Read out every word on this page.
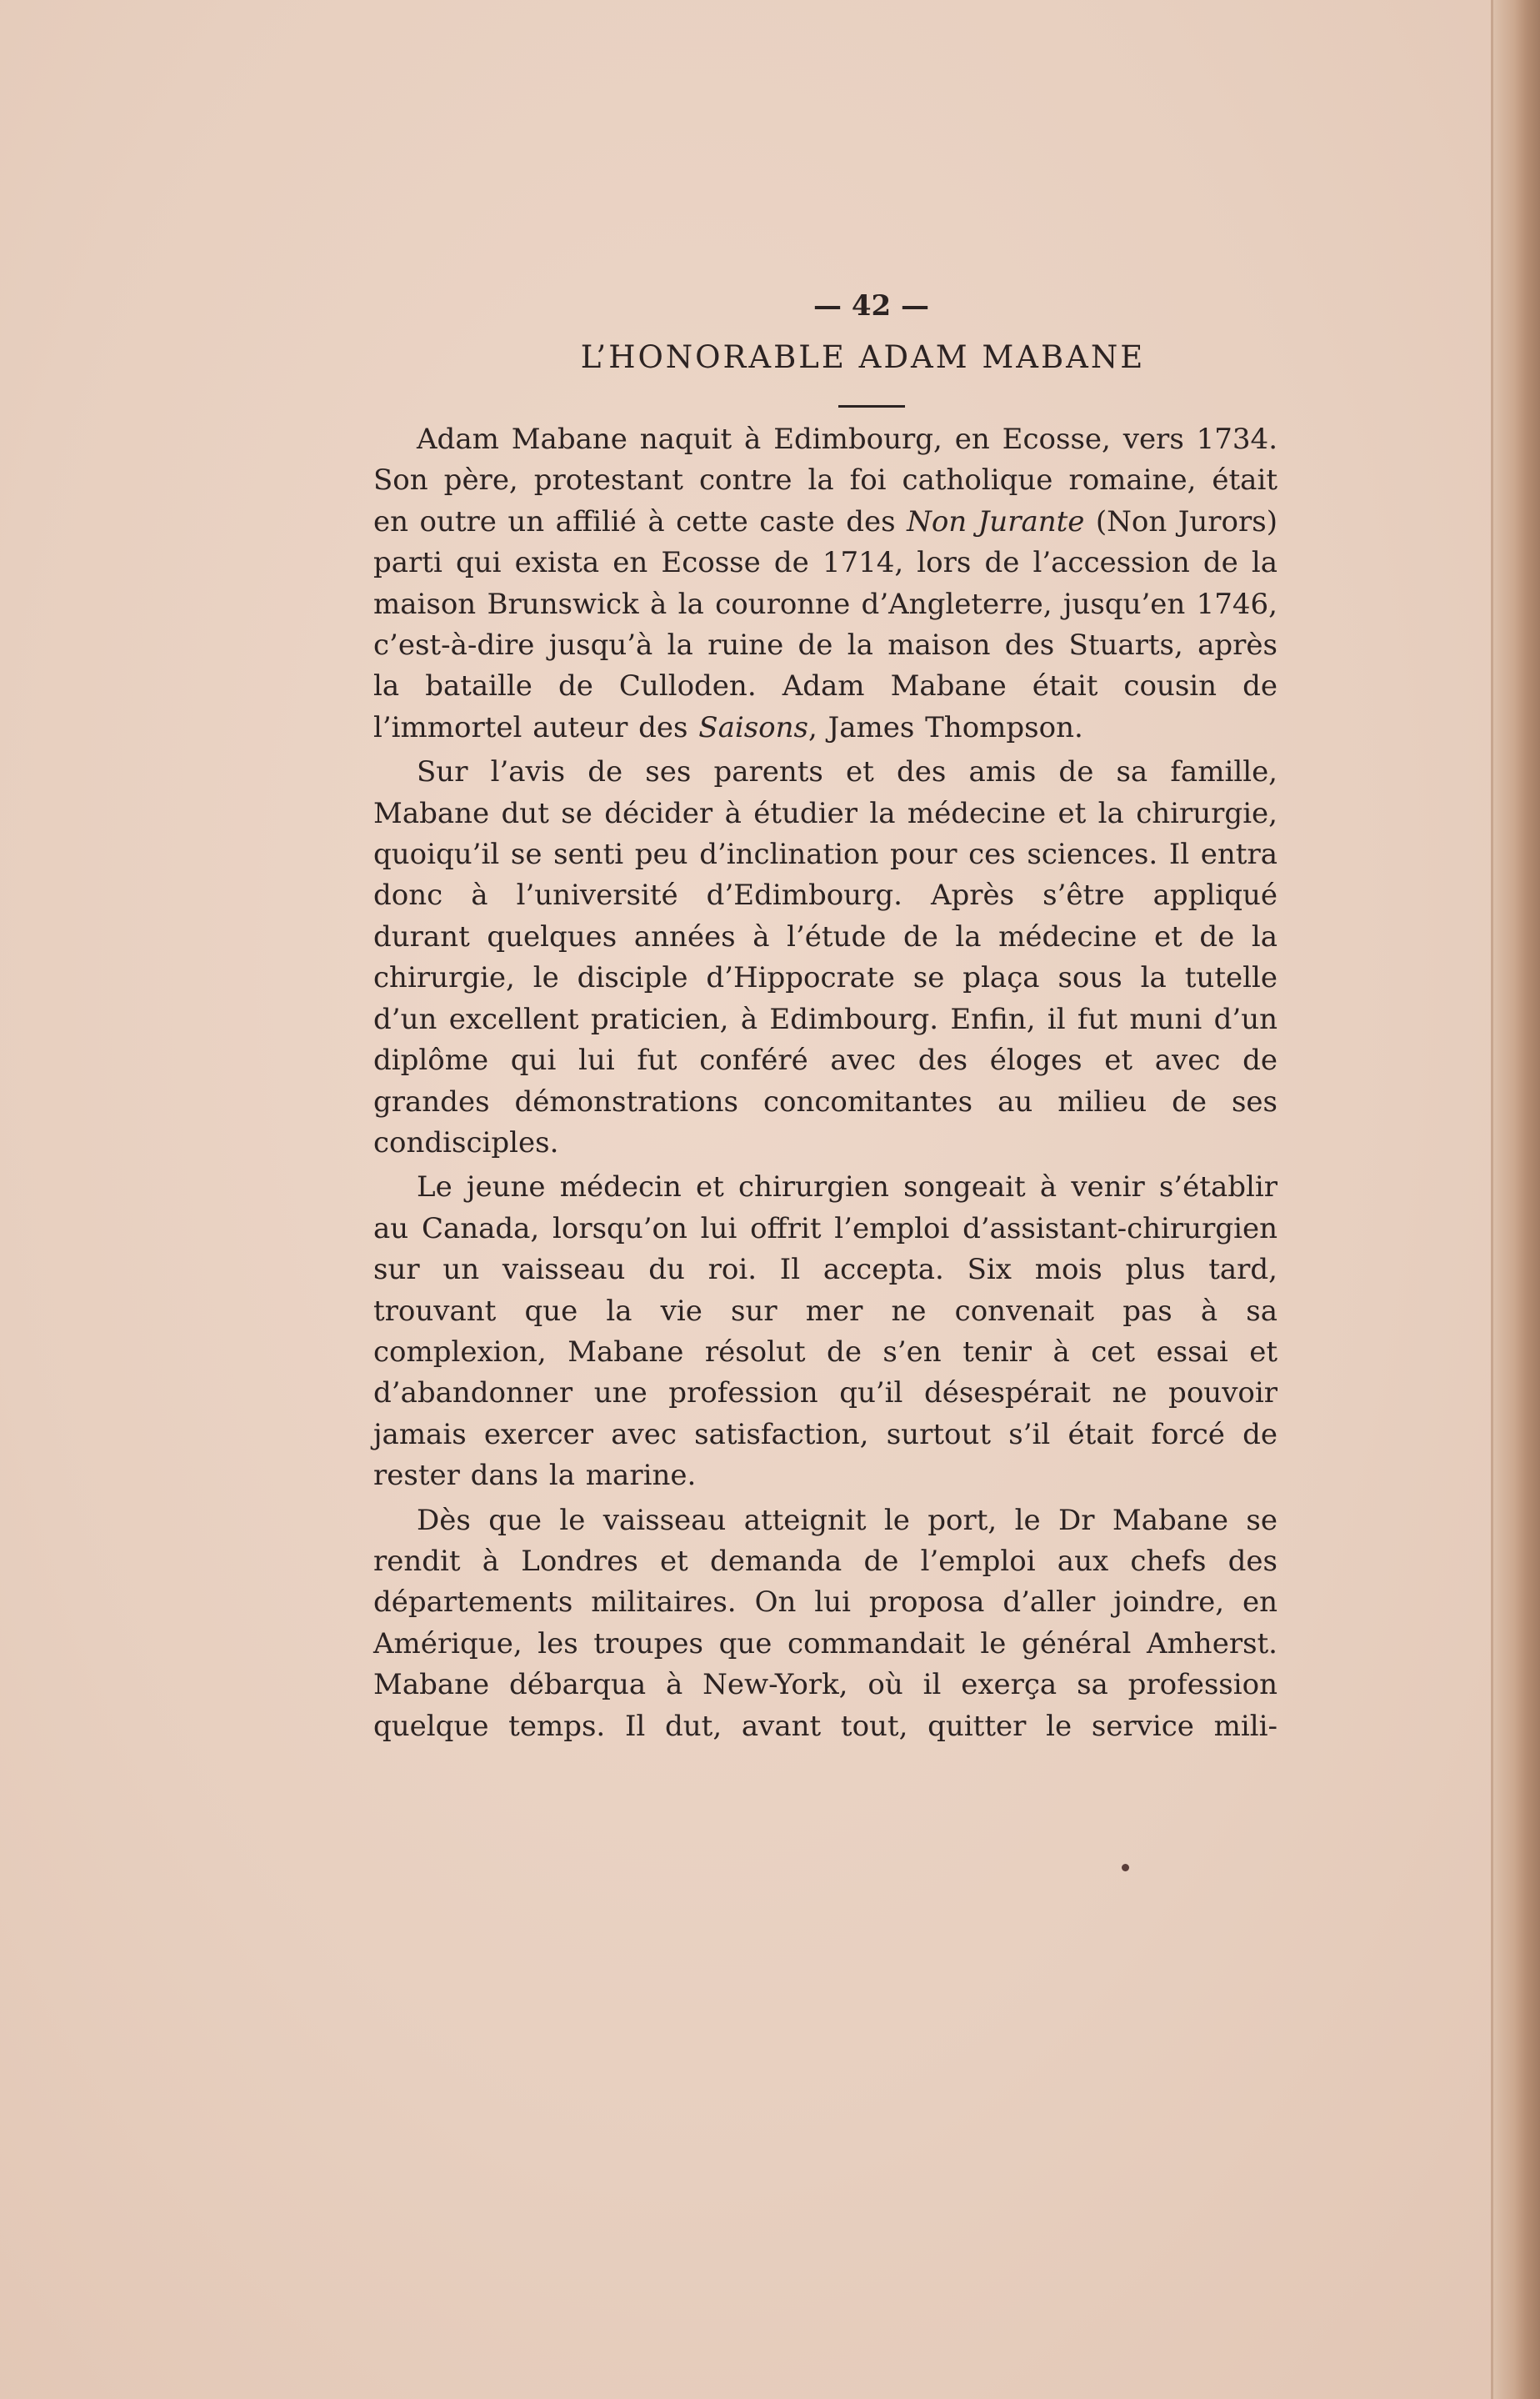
— 42 —

L’HONORABLE ADAM MABANE

Adam Mabane naquit à Edimbourg, en Ecosse, vers 1734. Son père, protestant contre la foi catholique romaine, était en outre un affilié à cette caste des Non Jurante (Non Jurors) parti qui exista en Ecosse de 1714, lors de l’accession de la maison Brunswick à la couronne d’Angleterre, jusqu’en 1746, c’est-à-dire jusqu’à la ruine de la maison des Stuarts, après la bataille de Culloden. Adam Mabane était cousin de l’immortel auteur des Saisons, James Thompson.

Sur l’avis de ses parents et des amis de sa famille, Mabane dut se décider à étudier la médecine et la chirurgie, quoiqu’il se senti peu d’inclination pour ces sciences. Il entra donc à l’université d’Edimbourg. Après s’être appliqué durant quelques années à l’étude de la médecine et de la chirurgie, le disciple d’Hippocrate se plaça sous la tutelle d’un excellent praticien, à Edimbourg. Enfin, il fut muni d’un diplôme qui lui fut conféré avec des éloges et avec de grandes démonstrations concomitantes au milieu de ses condisciples.

Le jeune médecin et chirurgien songeait à venir s’établir au Canada, lorsqu’on lui offrit l’emploi d’assistant-chirurgien sur un vaisseau du roi. Il accepta. Six mois plus tard, trouvant que la vie sur mer ne convenait pas à sa complexion, Mabane résolut de s’en tenir à cet essai et d’abandonner une profession qu’il désespérait ne pouvoir jamais exercer avec satisfaction, surtout s’il était forcé de rester dans la marine.

Dès que le vaisseau atteignit le port, le Dr Mabane se rendit à Londres et demanda de l’emploi aux chefs des départements militaires. On lui proposa d’aller joindre, en Amérique, les troupes que commandait le général Amherst. Mabane débarqua à New-York, où il exerça sa profession quelque temps. Il dut, avant tout, quitter le service mili-
